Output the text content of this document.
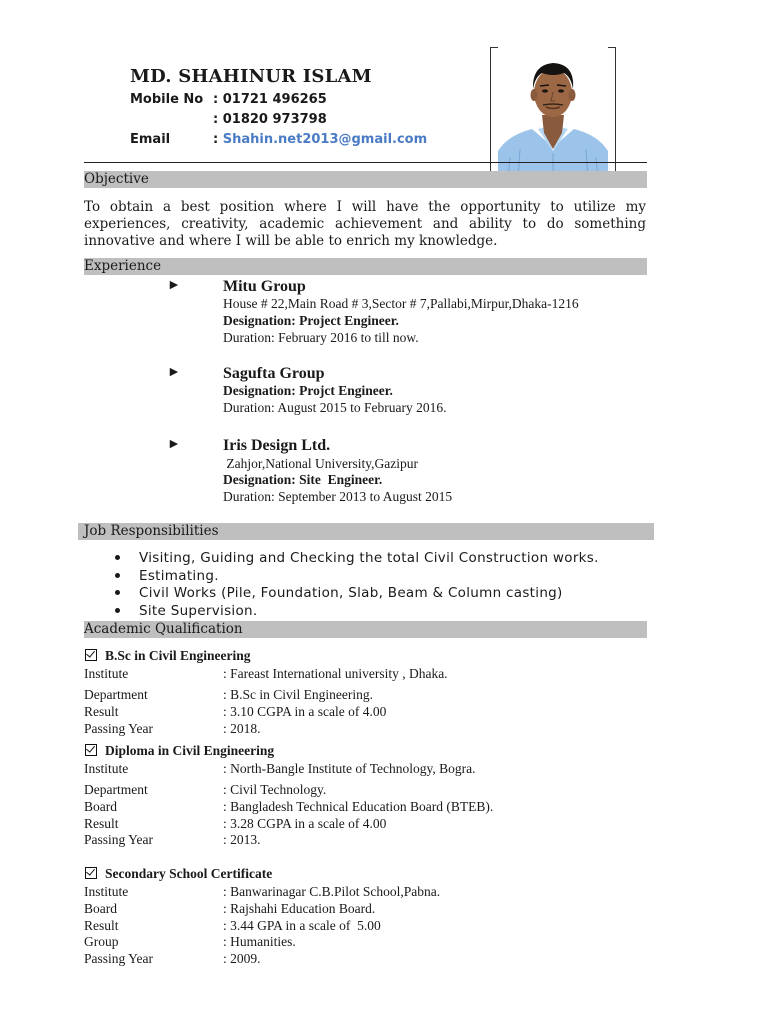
MD. SHAHINUR ISLAM
Mobile No : 01721 496265
: 01820 973798
Email	: Shahin.net2013@gmail.com
Objective
To obtain a best position where I will have the opportunity to utilize my experiences, creativity, academic achievement and ability to do something innovative and where I will be able to enrich my knowledge.
Experience
►	Mitu Group
House # 22,Main Road # 3,Sector # 7,Pallabi,Mirpur,Dhaka-1216
Designation: Project Engineer.
Duration: February 2016 to till now.
►	Sagufta Group
Designation: Projct Engineer.
Duration: August 2015 to February 2016.
►	Iris Design Ltd.
Zahjor,National University,Gazipur
Designation: Site  Engineer.
Duration: September 2013 to August 2015
Job Responsibilities
Visiting, Guiding and Checking the total Civil Construction works.
Estimating.
Civil Works (Pile, Foundation, Slab, Beam & Column casting)
Site Supervision.
Academic Qualification
B.Sc in Civil Engineering
Institute	: Fareast International university , Dhaka.
Department	: B.Sc in Civil Engineering.
Result	: 3.10 CGPA in a scale of 4.00
Passing Year	: 2018.
Diploma in Civil Engineering
Institute	: North-Bangle Institute of Technology, Bogra.
Department	: Civil Technology.
Board	: Bangladesh Technical Education Board (BTEB).
Result	: 3.28 CGPA in a scale of 4.00
Passing Year	: 2013.
Secondary School Certificate
Institute	: Banwarinagar C.B.Pilot School,Pabna.
Board	: Rajshahi Education Board.
Result	: 3.44 GPA in a scale of  5.00
Group	: Humanities.
Passing Year	: 2009.
